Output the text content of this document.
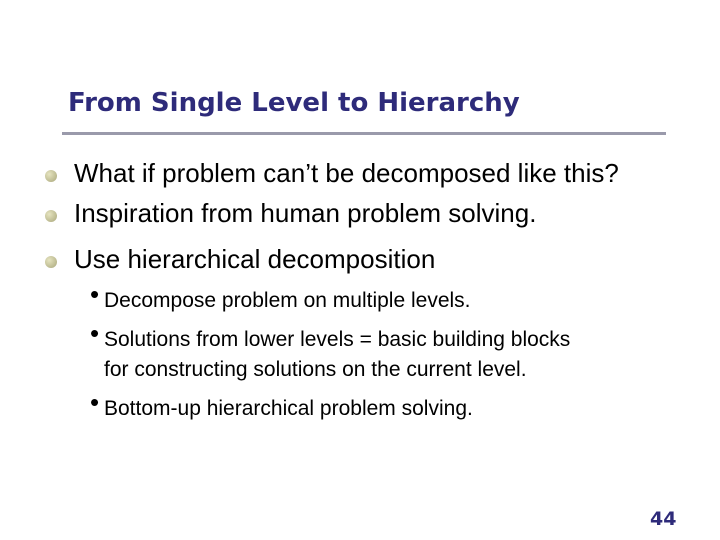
From Single Level to Hierarchy
What if problem can’t be decomposed like this?
Inspiration from human problem solving.
Use hierarchical decomposition
• Decompose problem on multiple levels.
• Solutions from lower levels = basic building blocks
for constructing solutions on the current level.
• Bottom-up hierarchical problem solving.
44
